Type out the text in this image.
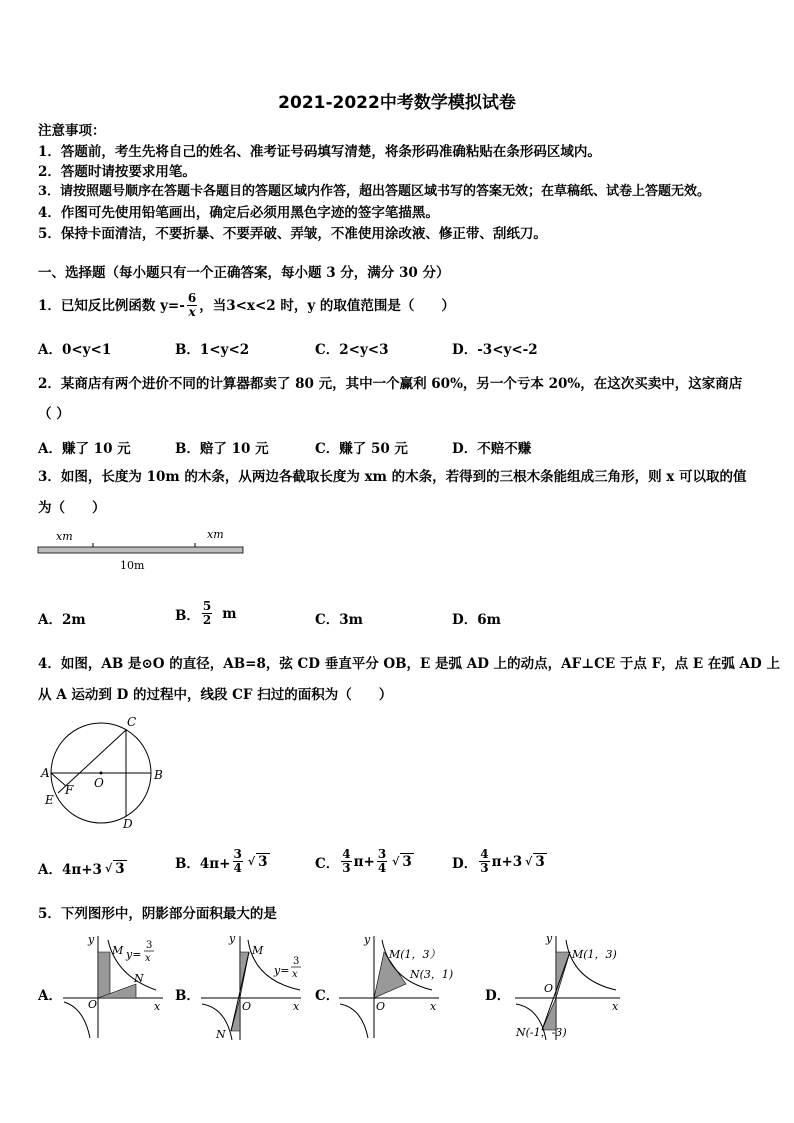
2021-2022中考数学模拟试卷
注意事项：
1．答题前，考生先将自己的姓名、准考证号码填写清楚，将条形码准确粘贴在条形码区域内。
2．答题时请按要求用笔。
3．请按照题号顺序在答题卡各题目的答题区域内作答，超出答题区域书写的答案无效；在草稿纸、试卷上答题无效。
4．作图可先使用铅笔画出，确定后必须用黑色字迹的签字笔描黑。
5．保持卡面清洁，不要折暴、不要弄破、弄皱，不准使用涂改液、修正带、刮纸刀。
一、选择题（每小题只有一个正确答案，每小题 3 分，满分 30 分）
1．已知反比例函数 $y=- \frac{6}{x}$ ，当3<x<2 时，y 的取值范围是（　　）
A．0<y<1	B．1<y<2	C．2<y<3	D．-3<y<-2
2．某商店有两个进价不同的计算器都卖了 80 元，其中一个赢利 60%，另一个亏本 20%，在这次买卖中，这家商店
（ ）
A．赚了 10 元	B．赔了 10 元	C．赚了 50 元	D．不赔不赚
3．如图，长度为 10m 的木条，从两边各截取长度为 xm 的木条，若得到的三根木条能组成三角形，则 x 可以取的值
为（　　）
xm	xm
10m
A．2m	B． $\frac{5}{2}$ m	C．3m	D．6m
4．如图，AB 是⊙O 的直径，AB=8，弦 CD 垂直平分 OB，E 是弧 AD 上的动点，AF⊥CE 于点 F，点 E 在弧 AD 上
从 A 运动到 D 的过程中，线段 CF 扫过的面积为（　　）
C
A	B
O
F
E
D
A．4π+3 √ 3	B．$4\pi+ \frac{3}{4}$ √ 3	C． $\frac{4}{3} \pi+ \frac{3}{4}$ √ 3	D． $\frac{4}{3} \pi+3$ √ 3
5．下列图形中，阴影部分面积最大的是
A．	B．	C．	D．
y
x
O
M
N
y=
3
x
y
x
O
M
N
y=
3
x
y
x
O
M(1，3）
N(3，1)
y
x
O
M(1，3)
N(-1，-3)
